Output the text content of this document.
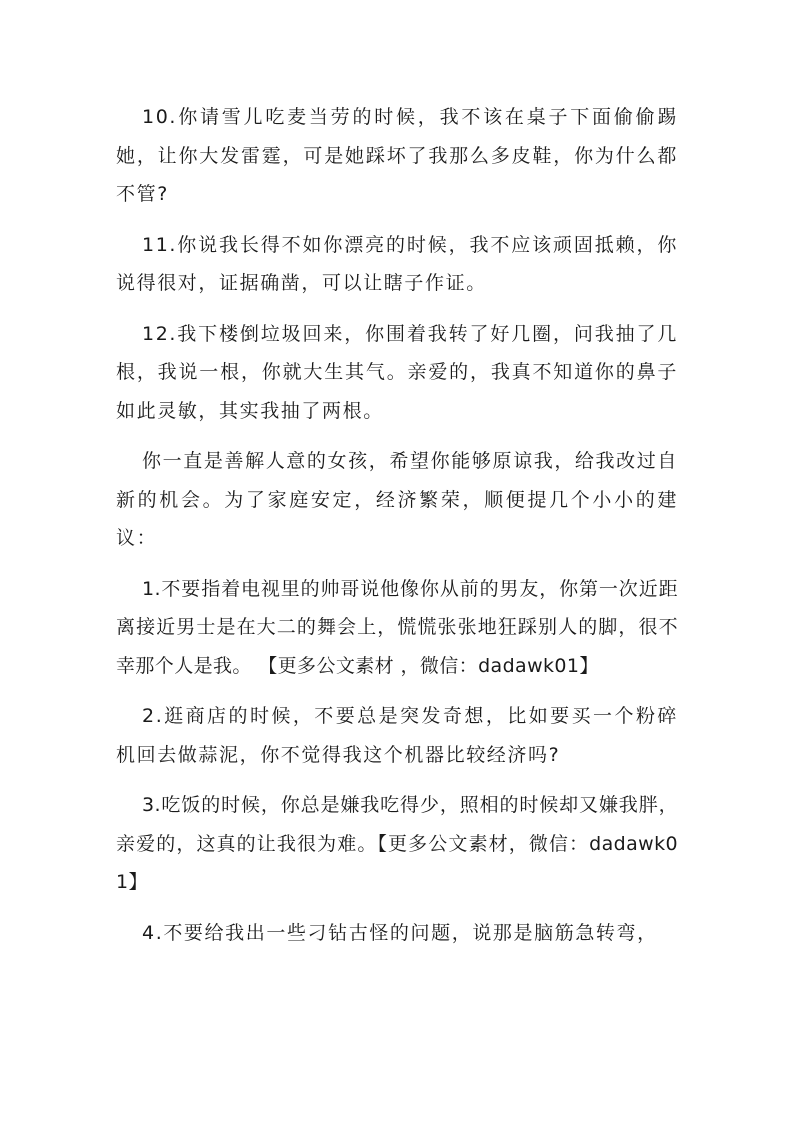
10.你请雪儿吃麦当劳的时候，我不该在桌子下面偷偷踢她，让你大发雷霆，可是她踩坏了我那么多皮鞋，你为什么都不管?

11.你说我长得不如你漂亮的时候，我不应该顽固抵赖，你说得很对，证据确凿，可以让瞎子作证。

12.我下楼倒垃圾回来，你围着我转了好几圈，问我抽了几根，我说一根，你就大生其气。亲爱的，我真不知道你的鼻子如此灵敏，其实我抽了两根。

你一直是善解人意的女孩，希望你能够原谅我，给我改过自新的机会。为了家庭安定，经济繁荣，顺便提几个小小的建议：

1.不要指着电视里的帅哥说他像你从前的男友，你第一次近距离接近男士是在大二的舞会上，慌慌张张地狂踩别人的脚，很不幸那个人是我。 【更多公文素材 ，微信：dadawk01】

2.逛商店的时候，不要总是突发奇想，比如要买一个粉碎机回去做蒜泥，你不觉得我这个机器比较经济吗?

3.吃饭的时候，你总是嫌我吃得少，照相的时候却又嫌我胖，亲爱的，这真的让我很为难。【更多公文素材，微信：dadawk01】

4.不要给我出一些刁钻古怪的问题，说那是脑筋急转弯，
